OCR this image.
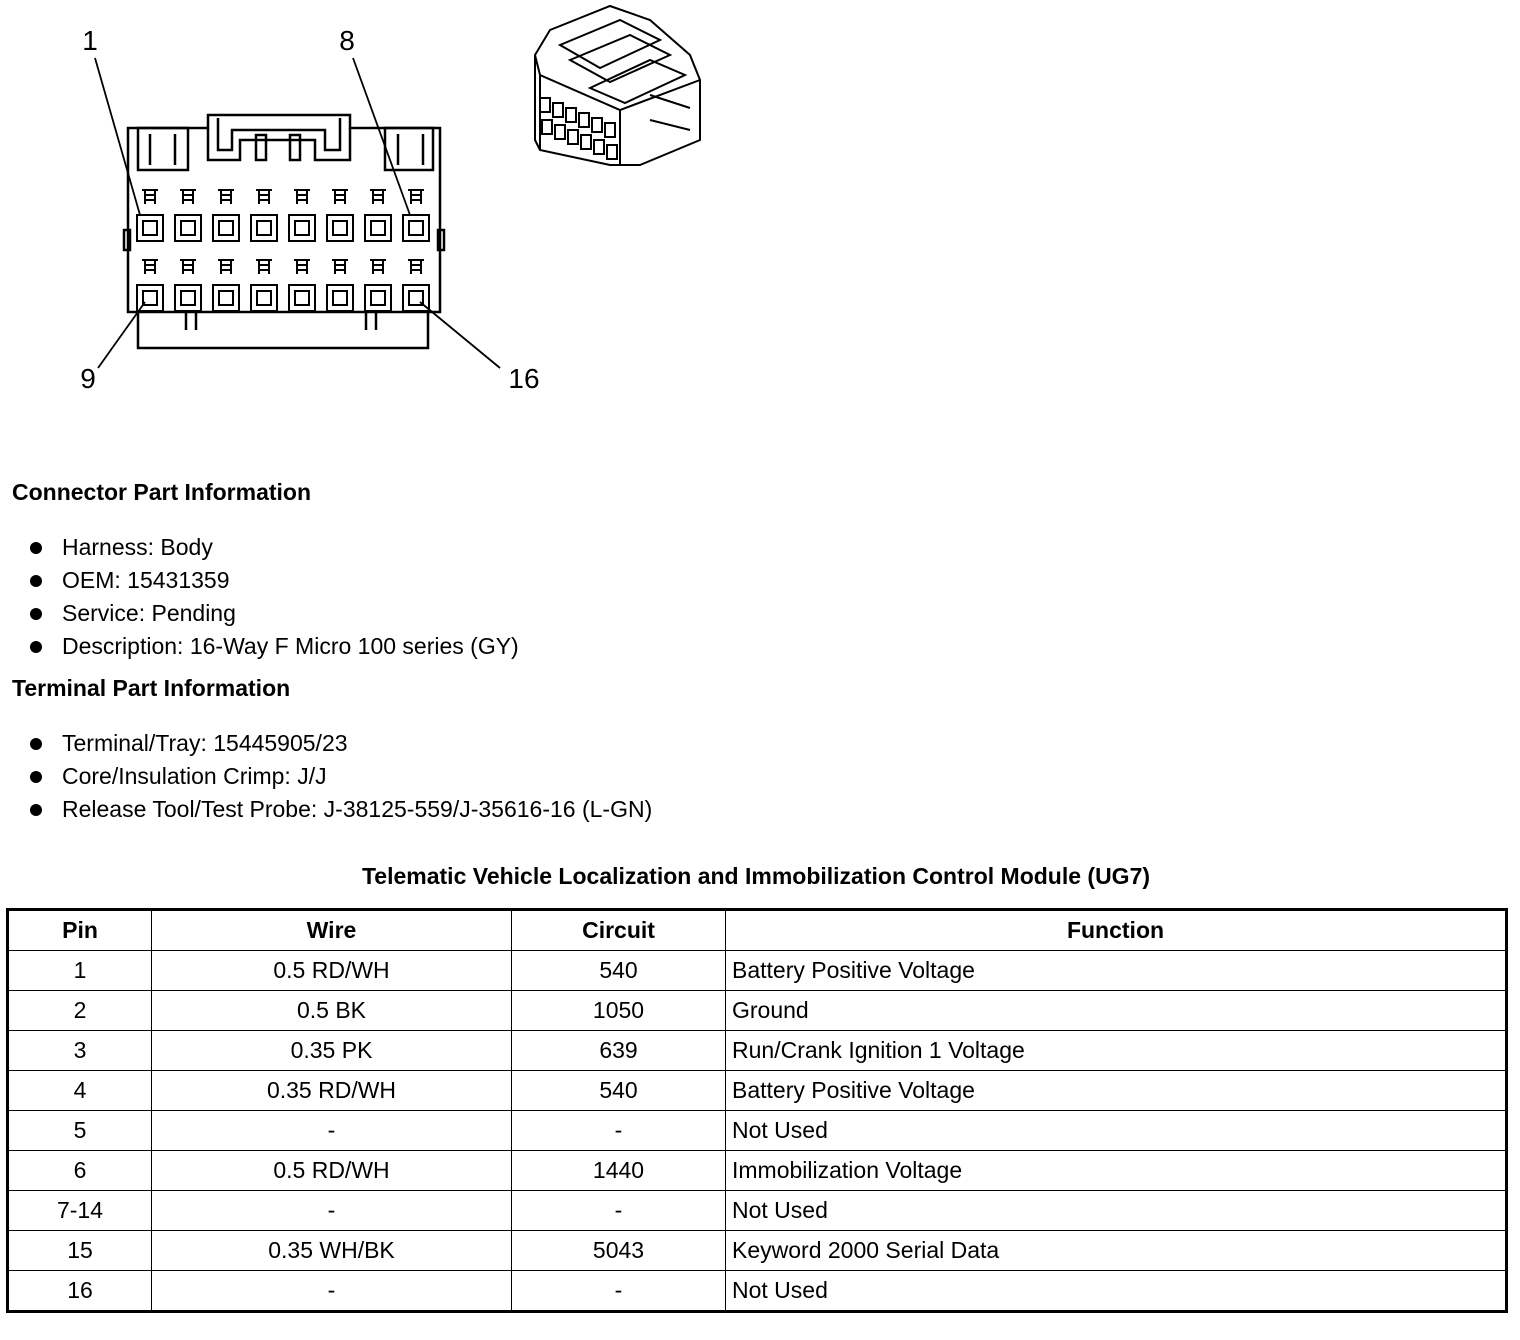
1	8
9	16
Connector Part Information
Harness: Body
OEM: 15431359
Service: Pending
Description: 16-Way F Micro 100 series (GY)
Terminal Part Information
Terminal/Tray: 15445905/23
Core/Insulation Crimp: J/J
Release Tool/Test Probe: J-38125-559/J-35616-16 (L-GN)
Telematic Vehicle Localization and Immobilization Control Module (UG7)
Pin	Wire	Circuit	Function
1	0.5 RD/WH	540	Battery Positive Voltage
2	0.5 BK	1050	Ground
3	0.35 PK	639	Run/Crank Ignition 1 Voltage
4	0.35 RD/WH	540	Battery Positive Voltage
5	-	-	Not Used
6	0.5 RD/WH	1440	Immobilization Voltage
7-14	-	-	Not Used
15	0.35 WH/BK	5043	Keyword 2000 Serial Data
16	-	-	Not Used
